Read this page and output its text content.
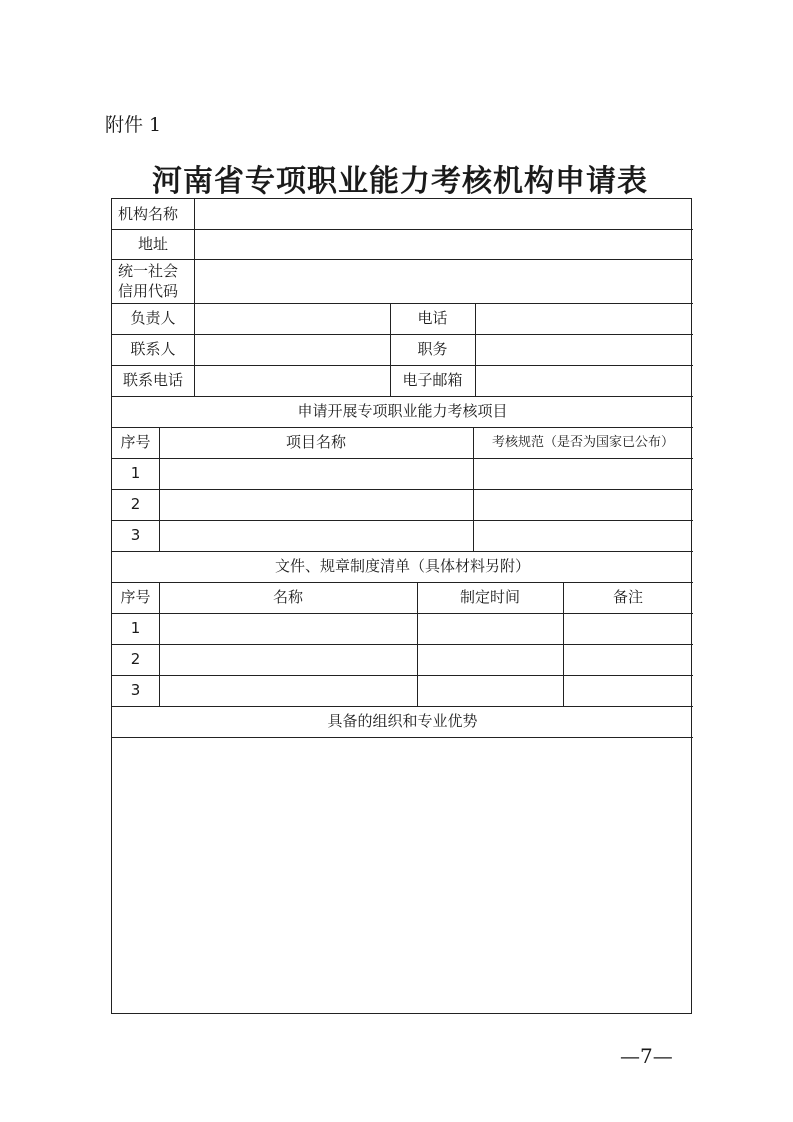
附件 1
河南省专项职业能力考核机构申请表
机构名称
地址
统一社会
信用代码
负责人	电话
联系人	职务
联系电话	电子邮箱
申请开展专项职业能力考核项目
序号	项目名称	考核规范（是否为国家已公布）
1
2
3
文件、规章制度清单（具体材料另附）
序号	名称	制定时间	备注
1
2
3
具备的组织和专业优势
—7—
